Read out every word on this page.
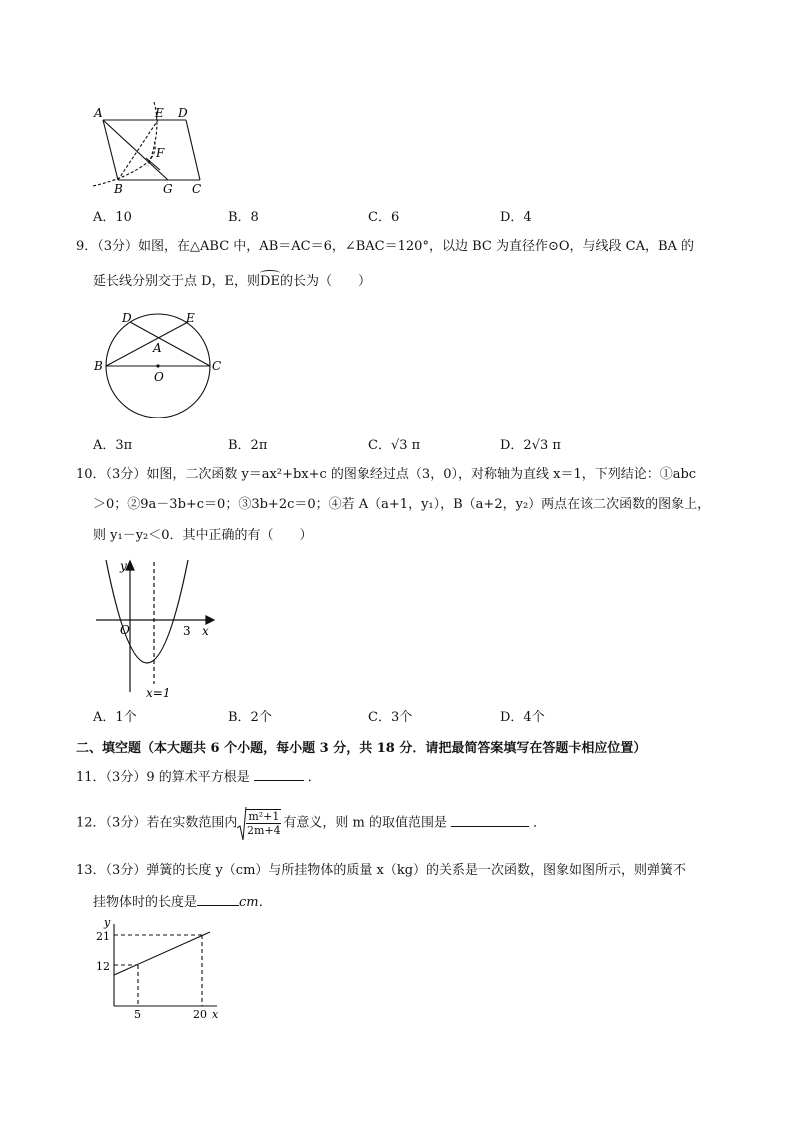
A	E D
F
B	G C
A．10	B．8	C．6	D．4
9．（3分）如图，在△ABC 中，AB＝AC＝6，∠BAC＝120°，以边 BC 为直径作⊙O，与线段 CA，BA 的
延长线分别交于点 D，E，则
DE的长为（　　）
D	E
A
B
O
C
A．3π	B．2π	C．√3 π	D．2√3 π
10．（3分）如图，二次函数 y＝ax²+bx+c 的图象经过点（3，0），对称轴为直线 x＝1，下列结论：①abc
＞0；②9a－3b+c＝0；③3b+2c＝0；④若 A（a+1，y₁），B（a+2，y₂）两点在该二次函数的图象上，
则 y₁－y₂＜0．其中正确的有（　　）
y
O	3 x
x=1
A．1个	B．2个	C．3个	D．4个
二、填空题（本大题共 6 个小题，每小题 3 分，共 18 分．请把最简答案填写在答题卡相应位置）
11．（3分）9 的算术平方根是	．
12．（3分）若在实数范围内 $\frac{\text{m²+1}}{2m+4}$ 有意义，则 m 的取值范围是	．
13．（3分）弹簧的长度 y（cm）与所挂物体的质量 x（kg）的关系是一次函数，图象如图所示，则弹簧不
挂物体时的长度是	cm．
y
21
12
5	20 x
